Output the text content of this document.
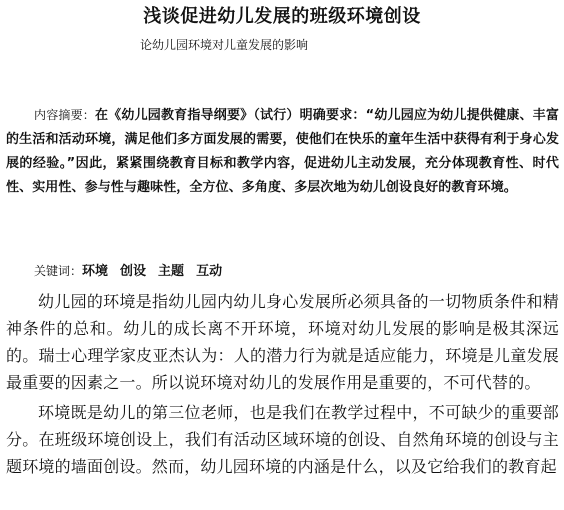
浅谈促进幼儿发展的班级环境创设
论幼儿园环境对儿童发展的影响
内容摘要：在《幼儿园教育指导纲要》（试行）明确要求：“幼儿园应为幼儿提供健康、丰富的生活和活动环境，满足他们多方面发展的需要，使他们在快乐的童年生活中获得有利于身心发展的经验。”因此，紧紧围绕教育目标和教学内容，促进幼儿主动发展，充分体现教育性、时代性、实用性、参与性与趣味性，全方位、多角度、多层次地为幼儿创设良好的教育环境。
关键词：环境 创设 主题 互动

幼儿园的环境是指幼儿园内幼儿身心发展所必须具备的一切物质条件和精神条件的总和。幼儿的成长离不开环境，环境对幼儿发展的影响是极其深远的。瑞士心理学家皮亚杰认为：人的潜力行为就是适应能力，环境是儿童发展最重要的因素之一。所以说环境对幼儿的发展作用是重要的，不可代替的。

环境既是幼儿的第三位老师，也是我们在教学过程中，不可缺少的重要部分。在班级环境创设上，我们有活动区域环境的创设、自然角环境的创设与主题环境的墙面创设。然而，幼儿园环境的内涵是什么，以及它给我们的教育起
